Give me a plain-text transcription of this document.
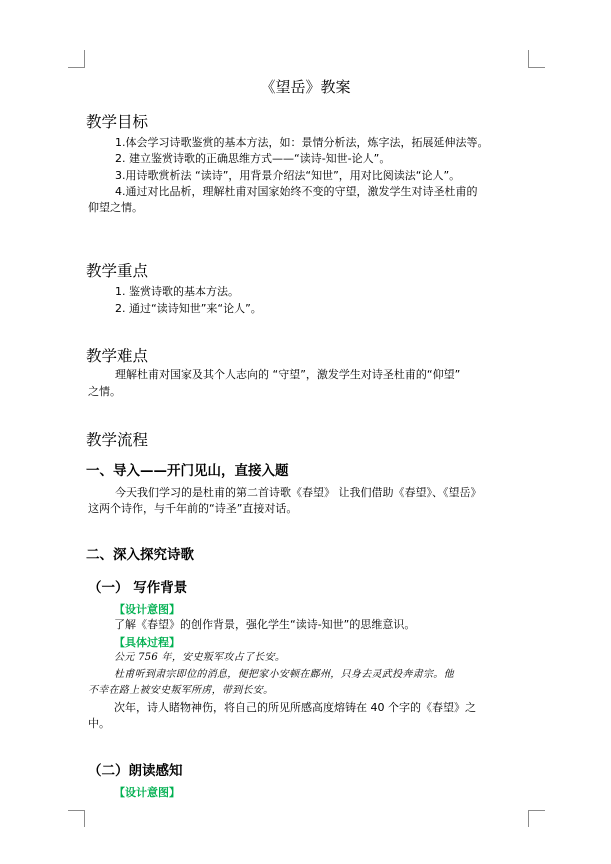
《望岳》教案
教学目标
1.体会学习诗歌鉴赏的基本方法，如：景情分析法，炼字法，拓展延伸法等。
2. 建立鉴赏诗歌的正确思维方式——“读诗-知世-论人”。
3.用诗歌赏析法 “读诗”，用背景介绍法“知世”，用对比阅读法“论人”。
4.通过对比品析，理解杜甫对国家始终不变的守望，激发学生对诗圣杜甫的
仰望之情。
教学重点
1. 鉴赏诗歌的基本方法。
2. 通过“读诗知世”来“论人”。
教学难点
理解杜甫对国家及其个人志向的 “守望”，激发学生对诗圣杜甫的“仰望”
之情。
教学流程
一、导入——开门见山，直接入题
今天我们学习的是杜甫的第二首诗歌《春望》 让我们借助《春望》、《望岳》
这两个诗作，与千年前的“诗圣”直接对话。
二、深入探究诗歌
（一） 写作背景
【设计意图】
了解《春望》的创作背景，强化学生“读诗-知世”的思维意识。
【具体过程】
公元 756 年，安史叛军攻占了长安。
杜甫听到肃宗即位的消息，便把家小安顿在鄜州，只身去灵武投奔肃宗。他
不幸在路上被安史叛军所虏，带到长安。
次年，诗人睹物神伤，将自己的所见所感高度熔铸在 40 个字的《春望》之
中。
（二）朗读感知
【设计意图】
